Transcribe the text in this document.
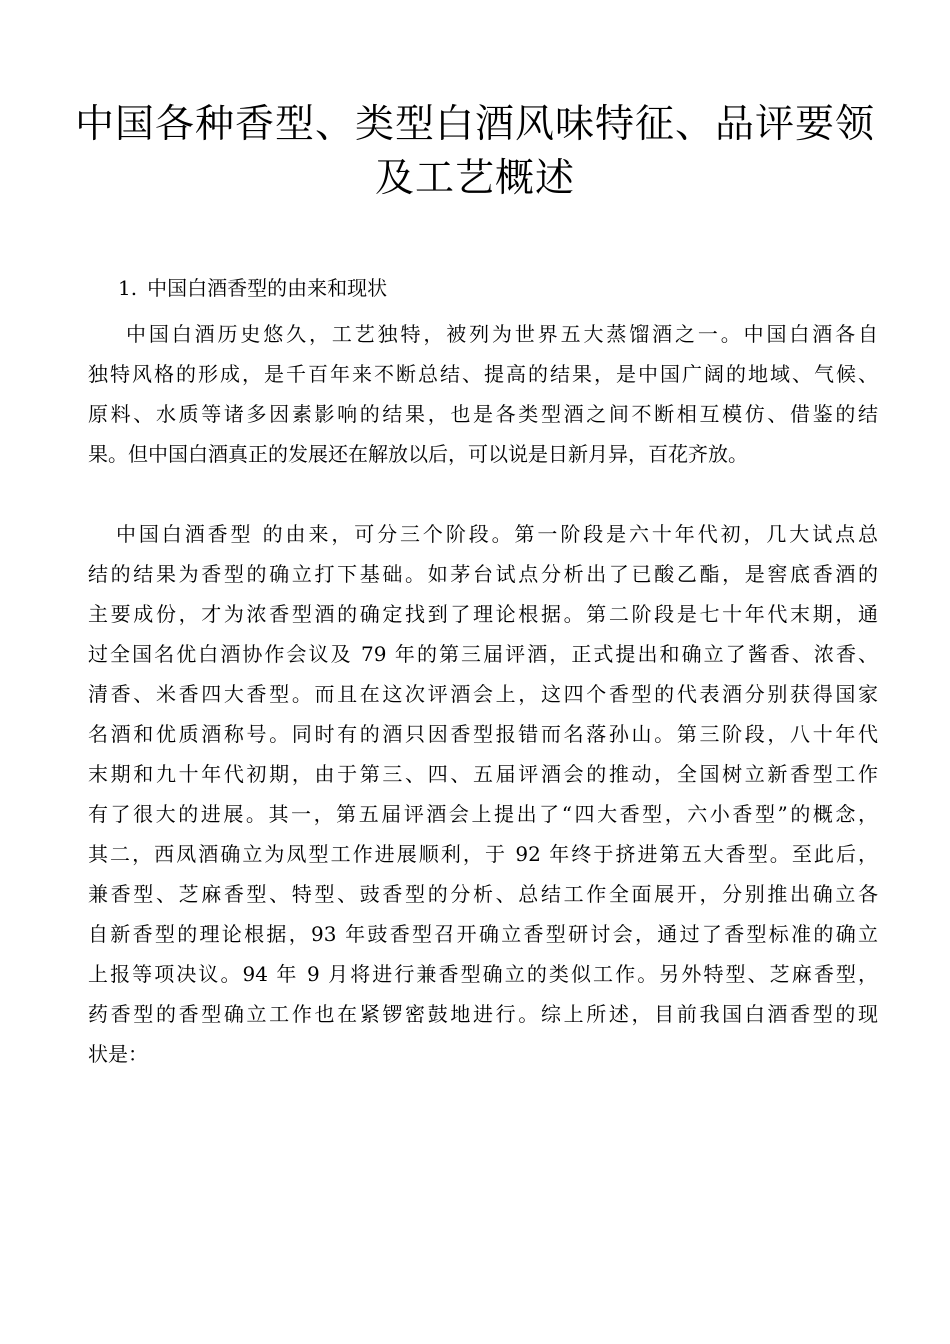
中国各种香型、类型白酒风味特征、品评要领
及工艺概述

1. 中国白酒香型的由来和现状

中国白酒历史悠久，工艺独特，被列为世界五大蒸馏酒之一。中国白酒各自
独特风格的形成，是千百年来不断总结、提高的结果，是中国广阔的地域、气候、
原料、水质等诸多因素影响的结果，也是各类型酒之间不断相互模仿、借鉴的结
果。但中国白酒真正的发展还在解放以后，可以说是日新月异，百花齐放。
中国白酒香型 的由来，可分三个阶段。第一阶段是六十年代初，几大试点总
结的结果为香型的确立打下基础。如茅台试点分析出了已酸乙酯，是窖底香酒的
主要成份，才为浓香型酒的确定找到了理论根据。第二阶段是七十年代末期，通
过全国名优白酒协作会议及 79 年的第三届评酒，正式提出和确立了酱香、浓香、
清香、米香四大香型。而且在这次评酒会上，这四个香型的代表酒分别获得国家
名酒和优质酒称号。同时有的酒只因香型报错而名落孙山。第三阶段，八十年代
末期和九十年代初期，由于第三、四、五届评酒会的推动，全国树立新香型工作
有了很大的进展。其一，第五届评酒会上提出了“四大香型，六小香型”的概念，
其二，西凤酒确立为凤型工作进展顺利，于 92 年终于挤进第五大香型。至此后，
兼香型、芝麻香型、特型、豉香型的分析、总结工作全面展开，分别推出确立各
自新香型的理论根据，93 年豉香型召开确立香型研讨会，通过了香型标准的确立
上报等项决议。94 年 9 月将进行兼香型确立的类似工作。另外特型、芝麻香型，
药香型的香型确立工作也在紧锣密鼓地进行。综上所述，目前我国白酒香型的现
状是：
